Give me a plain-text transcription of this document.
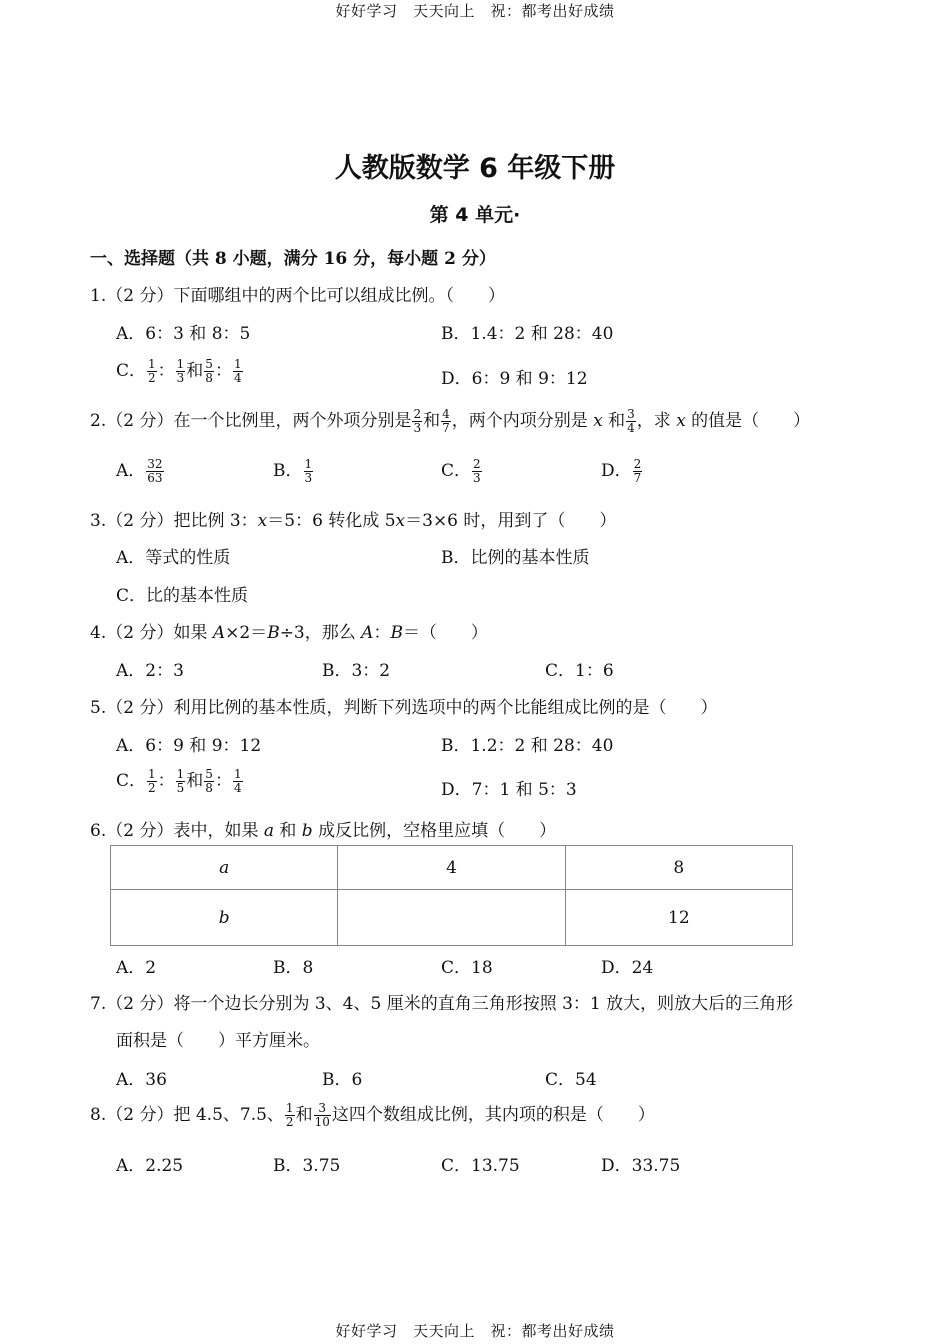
好好学习　天天向上　祝：都考出好成绩
人教版数学 6 年级下册
第 4 单元·
一、选择题（共 8 小题，满分 16 分，每小题 2 分）
1.（2 分）下面哪组中的两个比可以组成比例。（　　）
A．6：3 和 8：5	B．1.4：2 和 28：40
C． $\frac{1}{2}$ ： $\frac{1}{3}$ 和 $\frac{5}{8}$ ： $\frac{1}{4}$	D．6：9 和 9：12
2.（2 分）在一个比例里，两个外项分别是 $\frac{2}{3}$ 和 $\frac{4}{7}$ ，两个内项分别是 x 和 $\frac{3}{4}$ ，求 x 的值是（　　）
A． $\frac{32}{63}$	B． $\frac{1}{3}$	C． $\frac{2}{3}$	D． $\frac{2}{7}$
3.（2 分）把比例 3：x＝5：6 转化成 5x＝3×6 时，用到了（　　）
A．等式的性质	B．比例的基本性质
C．比的基本性质
4.（2 分）如果 A×2＝B÷3，那么 A：B＝（　　）
A．2：3	B．3：2	C．1：6
5.（2 分）利用比例的基本性质，判断下列选项中的两个比能组成比例的是（　　）
A．6：9 和 9：12	B．1.2：2 和 28：40
C． $\frac{1}{2}$ ： $\frac{1}{5}$ 和 $\frac{5}{8}$ ： $\frac{1}{4}$	D．7：1 和 5：3
6.（2 分）表中，如果 a 和 b 成反比例，空格里应填（　　）
a	4	8
b		12
A．2	B．8	C．18	D．24
7.（2 分）将一个边长分别为 3、4、5 厘米的直角三角形按照 3：1 放大，则放大后的三角形
面积是（　　）平方厘米。
A．36	B．6	C．54
8.（2 分）把 4.5、7.5、 $\frac{1}{2}$ 和 $\frac{3}{10}$ 这四个数组成比例，其内项的积是（　　）
A．2.25	B．3.75	C．13.75	D．33.75
好好学习　天天向上　祝：都考出好成绩
